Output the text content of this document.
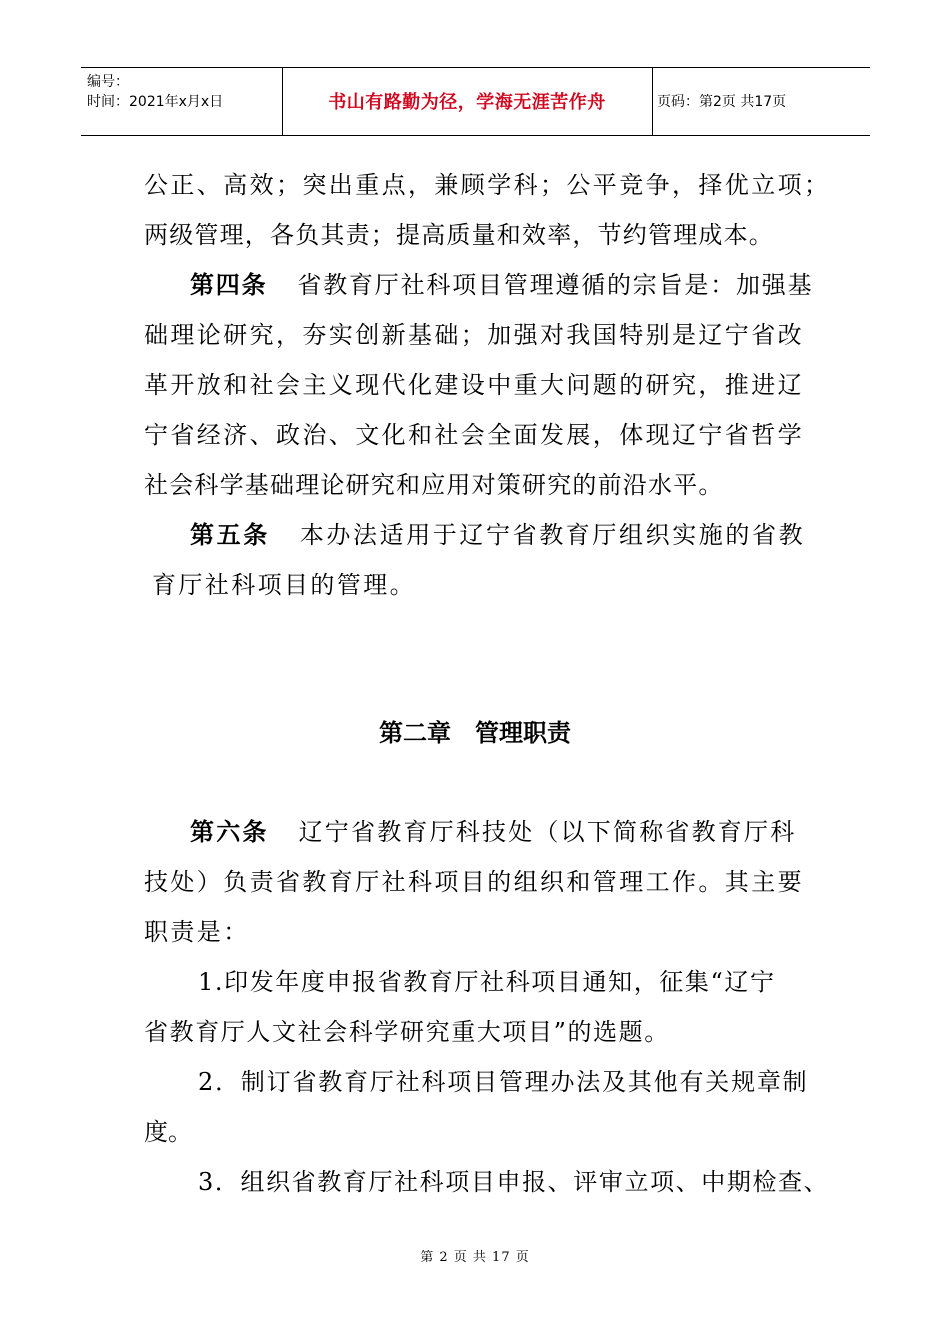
编号：
时间：2021年x月x日	书山有路勤为径，学海无涯苦作舟	页码：第2页 共17页
公正、高效；突出重点，兼顾学科；公平竞争，择优立项；
两级管理，各负其责；提高质量和效率，节约管理成本。
第四条 省教育厅社科项目管理遵循的宗旨是：加强基
础理论研究，夯实创新基础；加强对我国特别是辽宁省改
革开放和社会主义现代化建设中重大问题的研究，推进辽
宁省经济、政治、文化和社会全面发展，体现辽宁省哲学
社会科学基础理论研究和应用对策研究的前沿水平。
第五条 本办法适用于辽宁省教育厅组织实施的省教
育厅社科项目的管理。
第二章　管理职责
第六条 辽宁省教育厅科技处（以下简称省教育厅科
技处）负责省教育厅社科项目的组织和管理工作。其主要
职责是：
1.印发年度申报省教育厅社科项目通知，征集“辽宁
省教育厅人文社会科学研究重大项目”的选题。
2．制订省教育厅社科项目管理办法及其他有关规章制
度。
3．组织省教育厅社科项目申报、评审立项、中期检查、
第 2 页 共 17 页
